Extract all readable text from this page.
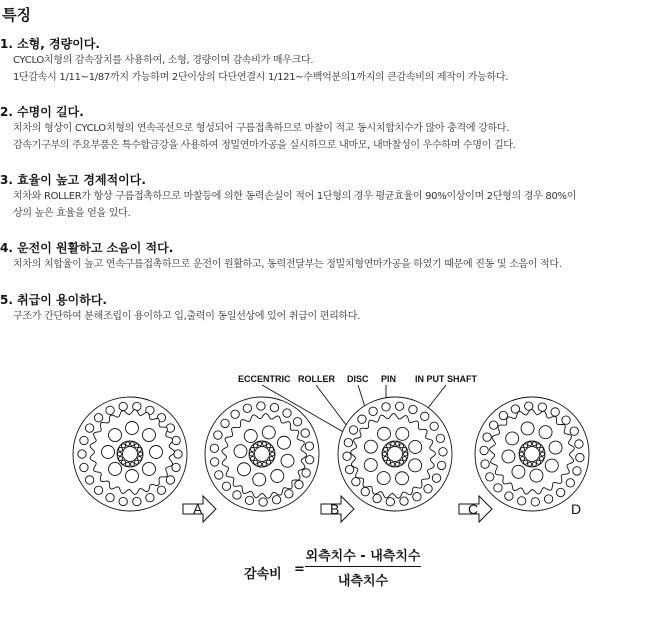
특징
1. 소형, 경량이다.
CYCLO치형의 감속장치를 사용하여, 소형, 경량이며 감속비가 매우크다.
1단감속시 1/11~1/87까지 가능하며 2단이상의 다단연결시 1/121~수백억분의1까지의 큰감속비의 제작이 가능하다.
2. 수명이 길다.
치차의 형상이 CYCLO치형의 연속곡선으로 형성되어 구름접촉하므로 마찰이 적고 동시치합치수가 많아 충격에 강하다.
감속기구부의 주요부품은 특수합금강을 사용하여 정밀연마가공을 실시하므로 내마모, 내마찰성이 우수하며 수명이 길다.
3. 효율이 높고 경제적이다.
치차와 ROLLER가 항상 구름접촉하므로 마찰등에 의한 동력손실이 적어 1단형의 경우 평균효율이 90%이상이며 2단형의 경우 80%이
상의 높은 효율을 얻을 있다.
4. 운전이 원활하고 소음이 적다.
치차의 치합율이 높고 연속구름접촉하므로 운전이 원활하고, 동력전달부는 정밀치형연마가공을 하였기 때문에 진동 및 소음이 적다.
5. 취급이 용이하다.
구조가 간단하여 분해조립이 용이하고 입,출력이 동일선상에 있어 취급이 편리하다.
ECCENTRIC ROLLER DISC PIN IN PUT SHAFT
A	B	C	D
감속비 =
외측치수 - 내측치수
내측치수
